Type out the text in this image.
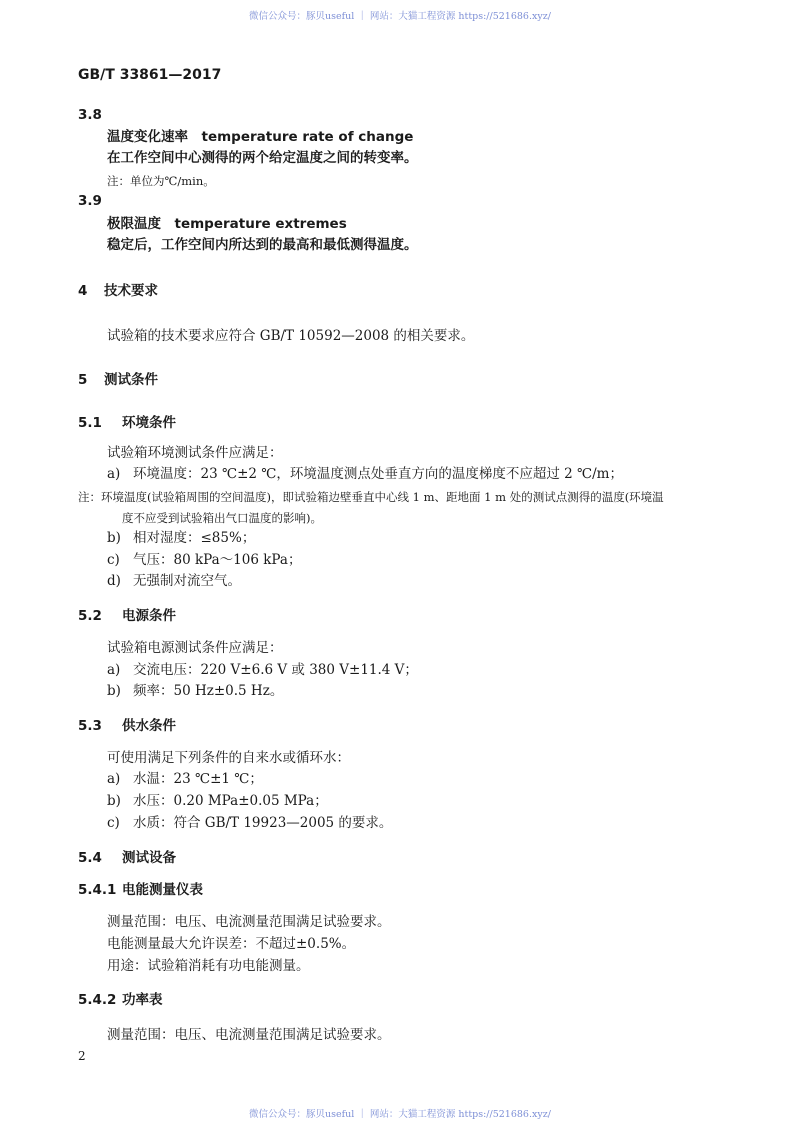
微信公众号：豚贝useful ｜ 网站：大猫工程资源 https://521686.xyz/
GB/T 33861—2017
3.8
温度变化速率　temperature rate of change
在工作空间中心测得的两个给定温度之间的转变率。
注：单位为℃/min。
3.9
极限温度　temperature extremes
稳定后，工作空间内所达到的最高和最低测得温度。
4 技术要求
试验箱的技术要求应符合 GB/T 10592—2008 的相关要求。
5 测试条件
5.1 环境条件
试验箱环境测试条件应满足：
a) 环境温度：23 ℃±2 ℃，环境温度测点处垂直方向的温度梯度不应超过 2 ℃/m；
注：环境温度(试验箱周围的空间温度)，即试验箱边壁垂直中心线 1 m、距地面 1 m 处的测试点测得的温度(环境温
度不应受到试验箱出气口温度的影响)。
b) 相对湿度：≤85%；
c) 气压：80 kPa～106 kPa；
d) 无强制对流空气。
5.2 电源条件
试验箱电源测试条件应满足：
a) 交流电压：220 V±6.6 V 或 380 V±11.4 V；
b) 频率：50 Hz±0.5 Hz。
5.3 供水条件
可使用满足下列条件的自来水或循环水：
a) 水温：23 ℃±1 ℃；
b) 水压：0.20 MPa±0.05 MPa；
c) 水质：符合 GB/T 19923—2005 的要求。
5.4 测试设备
5.4.1 电能测量仪表
测量范围：电压、电流测量范围满足试验要求。
电能测量最大允许误差：不超过±0.5%。
用途：试验箱消耗有功电能测量。
5.4.2 功率表
测量范围：电压、电流测量范围满足试验要求。
2
微信公众号：豚贝useful ｜ 网站：大猫工程资源 https://521686.xyz/
